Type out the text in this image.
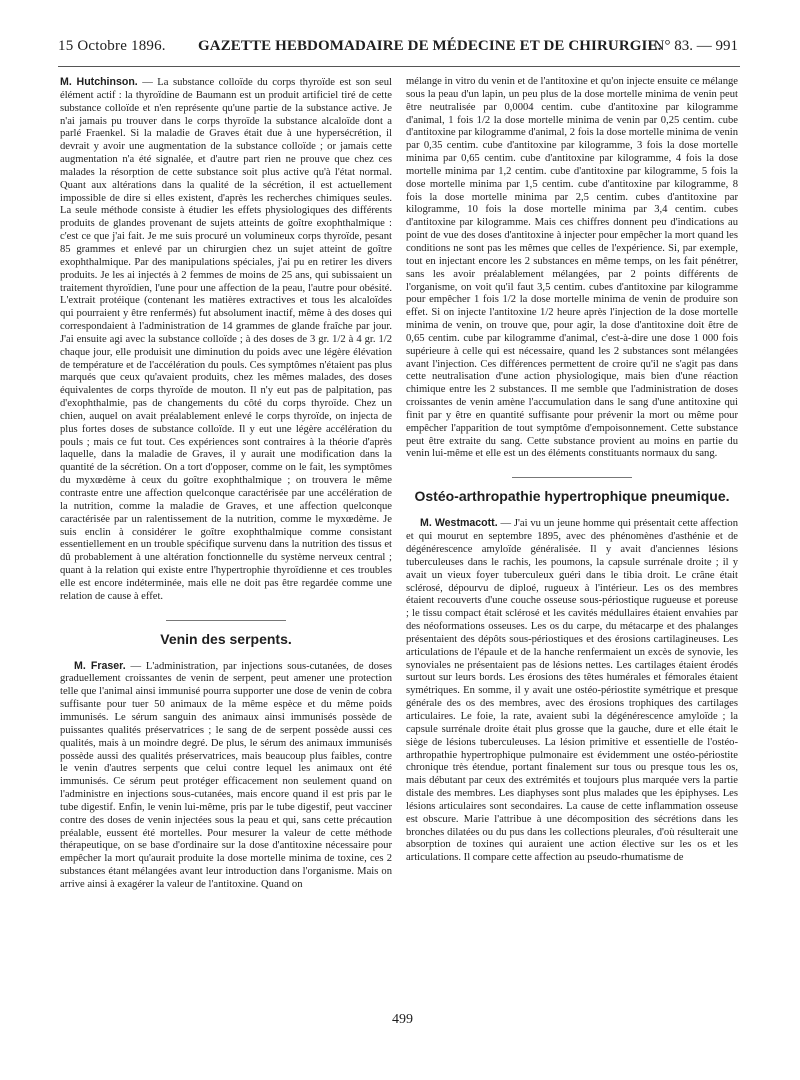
15 Octobre 1896. GAZETTE HEBDOMADAIRE DE MÉDECINE ET DE CHIRURGIE.
N° 83. — 991

M. Hutchinson. — La substance colloïde du corps thyroïde est son seul élément actif : la thyroïdine de Baumann est un produit artificiel tiré de cette substance colloïde et n'en représente qu'une partie de la substance active. Je n'ai jamais pu trouver dans le corps thyroïde la substance alcaloïde dont a parlé Fraenkel. Si la maladie de Graves était due à une hypersécrétion, il devrait y avoir une augmentation de la substance colloïde ; or jamais cette augmentation n'a été signalée, et d'autre part rien ne prouve que chez ces malades la résorption de cette substance soit plus active qu'à l'état normal. Quant aux altérations dans la qualité de la sécrétion, il est actuellement impossible de dire si elles existent, d'après les recherches chimiques seules. La seule méthode consiste à étudier les effets physiologiques des différents produits de glandes provenant de sujets atteints de goître exophthalmique : c'est ce que j'ai fait. Je me suis procuré un volumineux corps thyroïde, pesant 85 grammes et enlevé par un chirurgien chez un sujet atteint de goître exophthalmique. Par des manipulations spéciales, j'ai pu en retirer les divers produits. Je les ai injectés à 2 femmes de moins de 25 ans, qui subissaient un traitement thyroïdien, l'une pour une affection de la peau, l'autre pour obésité. L'extrait protéique (contenant les matières extractives et tous les alcaloïdes qui pourraient y être renfermés) fut absolument inactif, même à des doses qui correspondaient à l'administration de 14 grammes de glande fraîche par jour. J'ai ensuite agi avec la substance colloïde ; à des doses de 3 gr. 1/2 à 4 gr. 1/2 chaque jour, elle produisit une diminution du poids avec une légère élévation de température et de l'accélération du pouls. Ces symptômes n'étaient pas plus marqués que ceux qu'avaient produits, chez les mêmes malades, des doses équivalentes de corps thyroïde de mouton. Il n'y eut pas de palpitation, pas d'exophthalmie, pas de changements du côté du corps thyroïde. Chez un chien, auquel on avait préalablement enlevé le corps thyroïde, on injecta de plus fortes doses de substance colloïde. Il y eut une légère accélération du pouls ; mais ce fut tout. Ces expériences sont contraires à la théorie d'après laquelle, dans la maladie de Graves, il y aurait une modification dans la quantité de la sécrétion. On a tort d'opposer, comme on le fait, les symptômes du myxœdème à ceux du goître exophthalmique ; on trouvera le même contraste entre une affection quelconque caractérisée par une accélération de la nutrition, comme la maladie de Graves, et une affection quelconque caractérisée par un ralentissement de la nutrition, comme le myxœdème. Je suis enclin à considérer le goître exophthalmique comme consistant essentiellement en un trouble spécifique survenu dans la nutrition des tissus et dû probablement à une altération fonctionnelle du système nerveux central ; quant à la relation qui existe entre l'hypertrophie thyroïdienne et ces troubles elle est encore indéterminée, mais elle ne doit pas être regardée comme une relation de cause à effet.

Venin des serpents.

M. Fraser. — L'administration, par injections sous-cutanées, de doses graduellement croissantes de venin de serpent, peut amener une protection telle que l'animal ainsi immunisé pourra supporter une dose de venin de cobra suffisante pour tuer 50 animaux de la même espèce et du même poids immunisés. Le sérum sanguin des animaux ainsi immunisés possède de puissantes qualités préservatrices ; le sang de de serpent possède aussi ces qualités, mais à un moindre degré. De plus, le sérum des animaux immunisés possède aussi des qualités préservatrices, mais beaucoup plus faibles, contre le venin d'autres serpents que celui contre lequel les animaux ont été immunisés. Ce sérum peut protéger efficacement non seulement quand on l'administre en injections sous-cutanées, mais encore quand il est pris par le tube digestif. Enfin, le venin lui-même, pris par le tube digestif, peut vacciner contre des doses de venin injectées sous la peau et qui, sans cette précaution préalable, eussent été mortelles. Pour mesurer la valeur de cette méthode thérapeutique, on se base d'ordinaire sur la dose d'antitoxine nécessaire pour empêcher la mort qu'aurait produite la dose mortelle minima de toxine, ces 2 substances étant mélangées avant leur introduction dans l'organisme. Mais on arrive ainsi à exagérer la valeur de l'antitoxine. Quand on

mélange in vitro du venin et de l'antitoxine et qu'on injecte ensuite ce mélange sous la peau d'un lapin, un peu plus de la dose mortelle minima de venin peut être neutralisée par 0,0004 centim. cube d'antitoxine par kilogramme d'animal, 1 fois 1/2 la dose mortelle minima de venin par 0,25 centim. cube d'antitoxine par kilogramme d'animal, 2 fois la dose mortelle minima de venin par 0,35 centim. cube d'antitoxine par kilogramme, 3 fois la dose mortelle minima par 0,65 centim. cube d'antitoxine par kilogramme, 4 fois la dose mortelle minima par 1,2 centim. cube d'antitoxine par kilogramme, 5 fois la dose mortelle minima par 1,5 centim. cube d'antitoxine par kilogramme, 8 fois la dose mortelle minima par 2,5 centim. cubes d'antitoxine par kilogramme, 10 fois la dose mortelle minima par 3,4 centim. cubes d'antitoxine par kilogramme. Mais ces chiffres donnent peu d'indications au point de vue des doses d'antitoxine à injecter pour empêcher la mort quand les conditions ne sont pas les mêmes que celles de l'expérience. Si, par exemple, tout en injectant encore les 2 substances en même temps, on les fait pénétrer, sans les avoir préalablement mélangées, par 2 points différents de l'organisme, on voit qu'il faut 3,5 centim. cubes d'antitoxine par kilogramme pour empêcher 1 fois 1/2 la dose mortelle minima de venin de produire son effet. Si on injecte l'antitoxine 1/2 heure après l'injection de la dose mortelle minima de venin, on trouve que, pour agir, la dose d'antitoxine doit être de 0,65 centim. cube par kilogramme d'animal, c'est-à-dire une dose 1 000 fois supérieure à celle qui est nécessaire, quand les 2 substances sont mélangées avant l'injection. Ces différences permettent de croire qu'il ne s'agit pas dans cette neutralisation d'une action physiologique, mais bien d'une réaction chimique entre les 2 substances. Il me semble que l'administration de doses croissantes de venin amène l'accumulation dans le sang d'une antitoxine qui finit par y être en quantité suffisante pour prévenir la mort ou même pour empêcher l'apparition de tout symptôme d'empoisonnement. Cette substance peut être extraite du sang. Cette substance provient au moins en partie du venin lui-même et elle est un des éléments constituants normaux du sang.

Ostéo-arthropathie hypertrophique pneumique.

M. Westmacott. — J'ai vu un jeune homme qui présentait cette affection et qui mourut en septembre 1895, avec des phénomènes d'asthénie et de dégénérescence amyloïde généralisée. Il y avait d'anciennes lésions tuberculeuses dans le rachis, les poumons, la capsule surrénale droite ; il y avait un vieux foyer tuberculeux guéri dans le tibia droit. Le crâne était sclérosé, dépourvu de diploé, rugueux à l'intérieur. Les os des membres étaient recouverts d'une couche osseuse sous-périostique rugueuse et poreuse ; le tissu compact était sclérosé et les cavités médullaires étaient envahies par des néoformations osseuses. Les os du carpe, du métacarpe et des phalanges présentaient des dépôts sous-périostiques et des érosions cartilagineuses. Les articulations de l'épaule et de la hanche renfermaient un excès de synovie, les synoviales ne présentaient pas de lésions nettes. Les cartilages étaient érodés surtout sur leurs bords. Les érosions des têtes humérales et fémorales étaient symétriques. En somme, il y avait une ostéo-périostite symétrique et presque générale des os des membres, avec des érosions trophiques des cartilages articulaires. Le foie, la rate, avaient subi la dégénérescence amyloïde ; la capsule surrénale droite était plus grosse que la gauche, dure et elle était le siège de lésions tuberculeuses. La lésion primitive et essentielle de l'ostéo-arthropathie hypertrophique pulmonaire est évidemment une ostéo-périostite chronique très étendue, portant finalement sur tous ou presque tous les os, mais débutant par ceux des extrémités et toujours plus marquée vers la partie distale des membres. Les diaphyses sont plus malades que les épiphyses. Les lésions articulaires sont secondaires. La cause de cette inflammation osseuse est obscure. Marie l'attribue à une décomposition des sécrétions dans les bronches dilatées ou du pus dans les collections pleurales, d'où résulterait une absorption de toxines qui auraient une action élective sur les os et les articulations. Il compare cette affection au pseudo-rhumatisme de

499
